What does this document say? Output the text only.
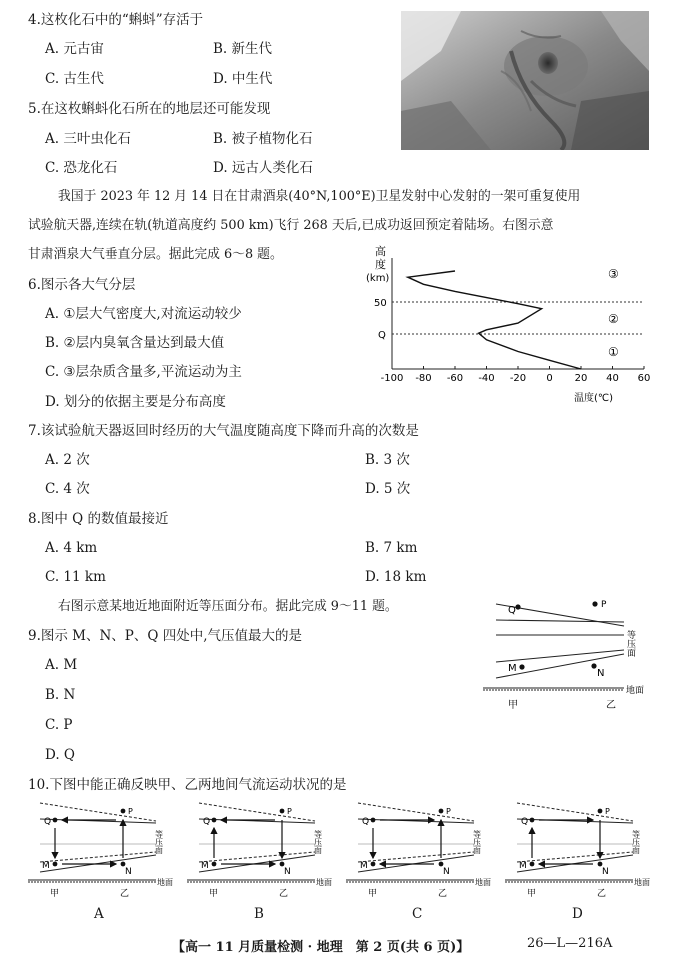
4.这枚化石中的“蝌蚪”存活于
A. 元古宙	B. 新生代
C. 古生代	D. 中生代
5.在这枚蝌蚪化石所在的地层还可能发现
A. 三叶虫化石	B. 被子植物化石
C. 恐龙化石	D. 远古人类化石
我国于 2023 年 12 月 14 日在甘肃酒泉(40°N,100°E)卫星发射中心发射的一架可重复使用
试验航天器,连续在轨(轨道高度约 500 km)飞行 268 天后,已成功返回预定着陆场。右图示意
甘肃酒泉大气垂直分层。据此完成 6～8 题。
6.图示各大气分层
A. ①层大气密度大,对流运动较少
B. ②层内臭氧含量达到最大值
C. ③层杂质含量多,平流运动为主
D. 划分的依据主要是分布高度
高
度
(km)
50
Q
③
②
①
-100 -80 -60 -40 -20 0 20 40 60
温度(℃)
7.该试验航天器返回时经历的大气温度随高度下降而升高的次数是
A. 2 次	B. 3 次
C. 4 次	D. 5 次
8.图中 Q 的数值最接近
A. 4 km	B. 7 km
C. 11 km	D. 18 km
右图示意某地近地面附近等压面分布。据此完成 9～11 题。	Q	P
M	N
等压面
地面
甲	乙
9.图示 M、N、P、Q 四处中,气压值最大的是
A. M
B. N
C. P
D. Q
10.下图中能正确反映甲、乙两地间气流运动状况的是
Q
P
M
N
等压面
地面
甲	乙
Q
P
M
N
等压面
地面
甲	乙
Q
P
M
N
等压面
地面
甲	乙
Q
P
M
N
等压面
地面
甲	乙
A	B	C	D
【高一 11 月质量检测 · 地理　第 2 页(共 6 页)】	26—L—216A
